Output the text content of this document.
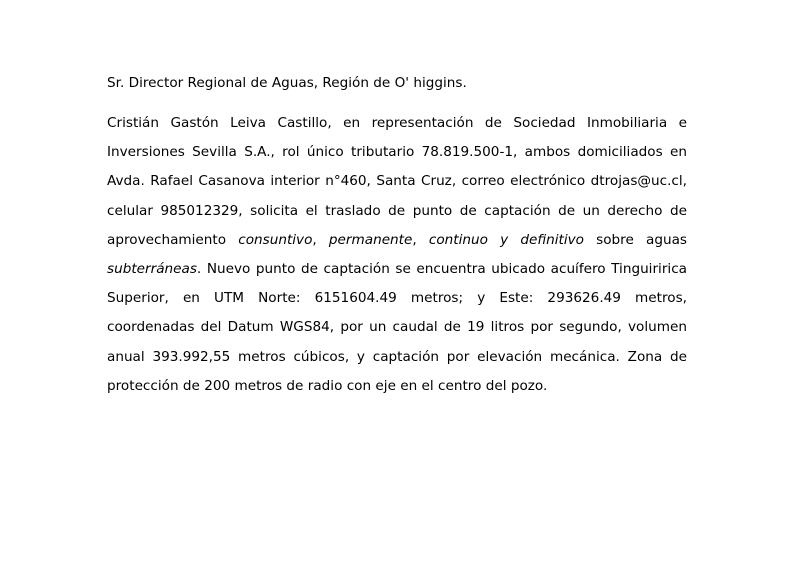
Sr. Director Regional de Aguas, Región de O' higgins.

Cristián Gastón Leiva Castillo, en representación de Sociedad Inmobiliaria e Inversiones Sevilla S.A., rol único tributario 78.819.500-1, ambos domiciliados en Avda. Rafael Casanova interior n°460, Santa Cruz, correo electrónico dtrojas@uc.cl, celular 985012329, solicita el traslado de punto de captación de un derecho de aprovechamiento consuntivo, permanente, continuo y definitivo sobre aguas subterráneas. Nuevo punto de captación se encuentra ubicado acuífero Tinguiririca Superior, en UTM Norte: 6151604.49 metros; y Este: 293626.49 metros, coordenadas del Datum WGS84, por un caudal de 19 litros por segundo, volumen anual 393.992,55 metros cúbicos, y captación por elevación mecánica. Zona de protección de 200 metros de radio con eje en el centro del pozo.
